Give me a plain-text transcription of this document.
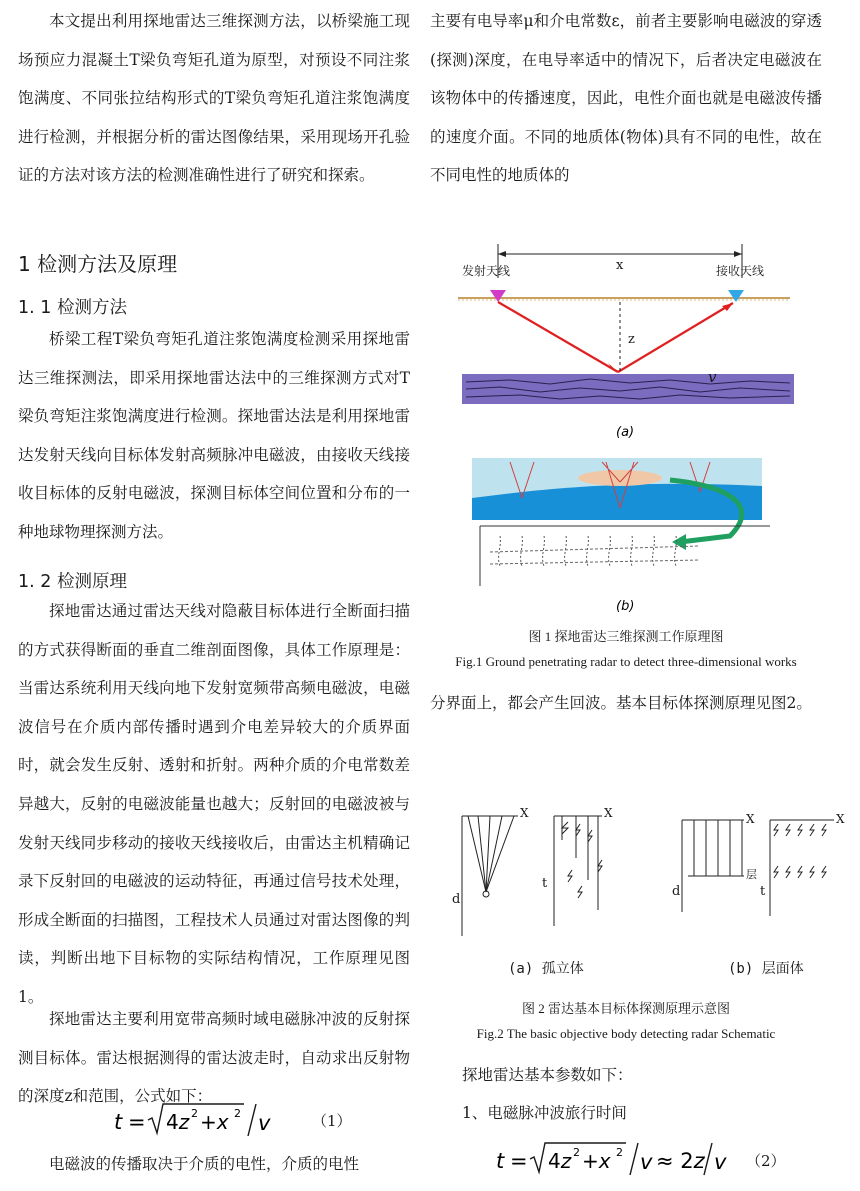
本文提出利用探地雷达三维探测方法，以桥梁施工现场预应力混凝土T梁负弯矩孔道为原型，对预设不同注浆饱满度、不同张拉结构形式的T梁负弯矩孔道注浆饱满度进行检测，并根据分析的雷达图像结果，采用现场开孔验证的方法对该方法的检测准确性进行了研究和探索。

1 检测方法及原理

1. 1 检测方法

桥梁工程T梁负弯矩孔道注浆饱满度检测采用探地雷达三维探测法，即采用探地雷达法中的三维探测方式对T梁负弯矩注浆饱满度进行检测。探地雷达法是利用探地雷达发射天线向目标体发射高频脉冲电磁波，由接收天线接收目标体的反射电磁波，探测目标体空间位置和分布的一种地球物理探测方法。

1. 2 检测原理

探地雷达通过雷达天线对隐蔽目标体进行全断面扫描的方式获得断面的垂直二维剖面图像，具体工作原理是：当雷达系统利用天线向地下发射宽频带高频电磁波，电磁波信号在介质内部传播时遇到介电差异较大的介质界面时，就会发生反射、透射和折射。两种介质的介电常数差异越大，反射的电磁波能量也越大；反射回的电磁波被与发射天线同步移动的接收天线接收后，由雷达主机精确记录下反射回的电磁波的运动特征，再通过信号技术处理，形成全断面的扫描图，工程技术人员通过对雷达图像的判读，判断出地下目标物的实际结构情况，工作原理见图1。

探地雷达主要利用宽带高频时域电磁脉冲波的反射探测目标体。雷达根据测得的雷达波走时，自动求出反射物的深度z和范围，公式如下：

t = 4z 2 +x 2 v	（1）

电磁波的传播取决于介质的电性，介质的电性

主要有电导率μ和介电常数ε，前者主要影响电磁波的穿透(探测)深度，在电导率适中的情况下，后者决定电磁波在该物体中的传播速度，因此，电性介面也就是电磁波传播的速度介面。不同的地质体(物体)具有不同的电性，故在不同电性的地质体的

(a)
(b)
发射天线	接收天线
x
z
v

图 1 探地雷达三维探测工作原理图

Fig.1 Ground penetrating radar to detect three-dimensional works

分界面上，都会产生回波。基本目标体探测原理见图2。

X	X	X	X
d
t
d
层
t
(a) 孤立体	(b) 层面体

图 2 雷达基本目标体探测原理示意图

Fig.2 The basic objective body detecting radar Schematic

探地雷达基本参数如下：

1、电磁脉冲波旅行时间

t = 4z 2 +x 2 v ≈ 2z v （2）
